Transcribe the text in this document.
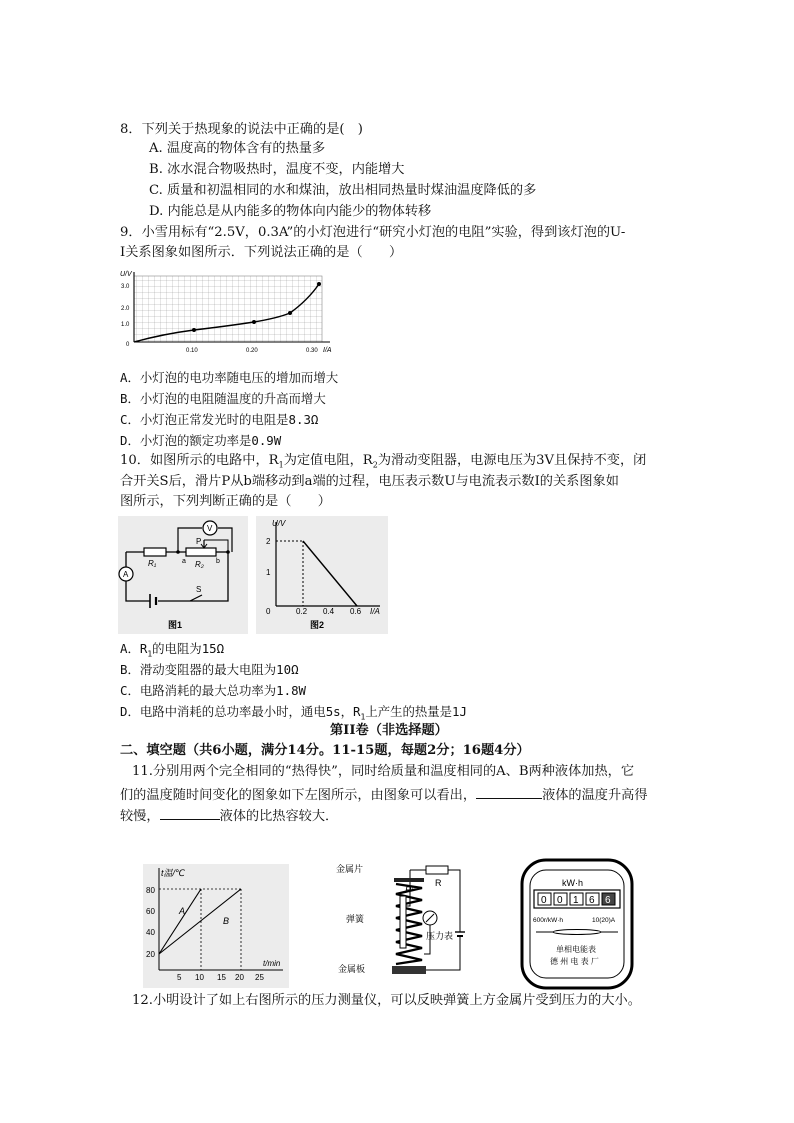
8．下列关于热现象的说法中正确的是(　)
A. 温度高的物体含有的热量多
B. 冰水混合物吸热时，温度不变，内能增大
C. 质量和初温相同的水和煤油，放出相同热量时煤油温度降低的多
D. 内能总是从内能多的物体向内能少的物体转移
9．小雪用标有“2.5V，0.3A”的小灯泡进行“研究小灯泡的电阻”实验，得到该灯泡的U-
I关系图象如图所示．下列说法正确的是（　　）
U/V
I/A
3.0
2.0
1.0
0
0.10	0.20	0.30
A．小灯泡的电功率随电压的增加而增大
B．小灯泡的电阻随温度的升高而增大
C．小灯泡正常发光时的电阻是8.3Ω
D．小灯泡的额定功率是0.9W
10．如图所示的电路中，$R_1$为定值电阻，$R_2$为滑动变阻器，电源电压为3V且保持不变，闭
合开关S后，滑片P从b端移动到a端的过程，电压表示数U与电流表示数I的关系图象如
图所示，下列判断正确的是（　　）
A
R₁	R₂
P
a	b
V
S
图1
U/V
I/A
2
1
0	0.2 0.4 0.6
图2
A．$R_1$的电阻为15Ω
B．滑动变阻器的最大电阻为10Ω
C．电路消耗的最大总功率为1.8W
D．电路中消耗的总功率最小时，通电5s，$R_1$上产生的热量是1J
第II卷（非选择题）
二、填空题（共6小题，满分14分。11-15题，每题2分；16题4分）
11.分别用两个完全相同的“热得快”，同时给质量和温度相同的A、B两种液体加热，它
们的温度随时间变化的图象如下左图所示，由图象可以看出，	液体的温度升高得
较慢，	液体的比热容较大．
t温/℃
t/min
80
60
40
20
5 10 15 20 25
A
B
金属片
弹簧
金属板
R′
R
压力表
kW·h
0 0 1 6 6
600r/kW·h	10(20)A
单相电能表
德 州 电 表 厂
12.小明设计了如上右图所示的压力测量仪，可以反映弹簧上方金属片受到压力的大小。
